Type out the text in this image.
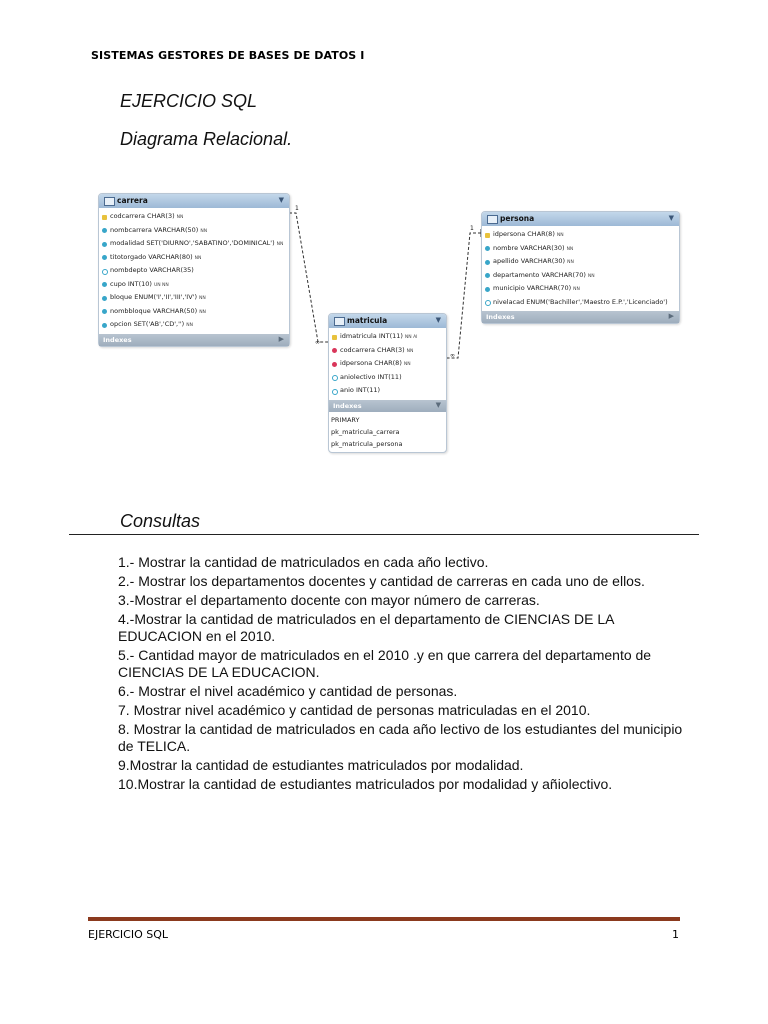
SISTEMAS GESTORES DE BASES DE DATOS I
EJERCICIO SQL
Diagrama Relacional.
1
∞
1
∞
carrera	▼
codcarrera CHAR(3) NN
nombcarrera VARCHAR(50) NN
modalidad SET('DIURNO','SABATINO','DOMINICAL') NN
titotorgado VARCHAR(80) NN
nombdepto VARCHAR(35)
cupo INT(10) UN NN
bloque ENUM('I','II','III','IV') NN
nombbloque VARCHAR(50) NN
opcion SET('AB','CD','') NN
Indexes	▶
matricula	▼
idmatricula INT(11) NN AI
codcarrera CHAR(3) NN
idpersona CHAR(8) NN
aniolectivo INT(11)
anio INT(11)
Indexes	▼
PRIMARY
pk_matricula_carrera
pk_matricula_persona
persona	▼
idpersona CHAR(8) NN
nombre VARCHAR(30) NN
apellido VARCHAR(30) NN
departamento VARCHAR(70) NN
municipio VARCHAR(70) NN
nivelacad ENUM('Bachiller','Maestro E.P.','Licenciado')
Indexes	▶
Consultas
1.- Mostrar la cantidad de matriculados en cada año lectivo.
2.- Mostrar los departamentos docentes y cantidad de carreras en cada uno de ellos.
3.-Mostrar el departamento docente con mayor número de carreras.
4.-Mostrar la cantidad de matriculados en el departamento de CIENCIAS DE LA EDUCACION en el 2010.
5.- Cantidad mayor de matriculados en el 2010 .y en que carrera del departamento de CIENCIAS DE LA EDUCACION.
6.- Mostrar el nivel académico y cantidad de personas.
7. Mostrar nivel académico y cantidad de personas matriculadas en el 2010.
8. Mostrar la cantidad de matriculados en cada año lectivo de los estudiantes del municipio de TELICA.
9.Mostrar la cantidad de estudiantes matriculados por modalidad.
10.Mostrar la cantidad de estudiantes matriculados por modalidad y añiolectivo.
EJERCICIO SQL	1
